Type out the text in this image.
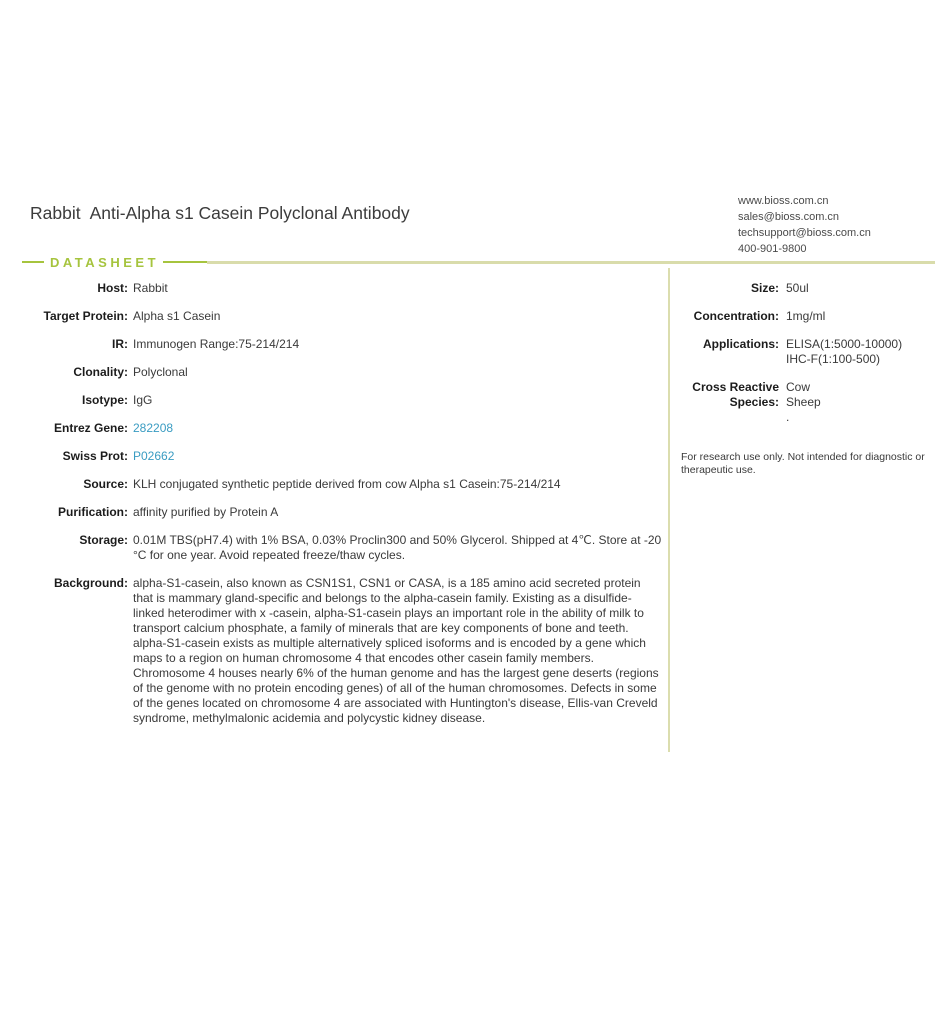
Rabbit Anti-Alpha s1 Casein Polyclonal Antibody
www.bioss.com.cn
sales@bioss.com.cn
techsupport@bioss.com.cn
400-901-9800
DATASHEET
Host: Rabbit
Target Protein: Alpha s1 Casein
IR: Immunogen Range:75-214/214
Clonality: Polyclonal
Isotype: IgG
Entrez Gene: 282208
Swiss Prot: P02662
Source: KLH conjugated synthetic peptide derived from cow Alpha s1 Casein:75-214/214
Purification: affinity purified by Protein A
Storage: 0.01M TBS(pH7.4) with 1% BSA, 0.03% Proclin300 and 50% Glycerol. Shipped at 4℃. Store at -20 °C for one year. Avoid repeated freeze/thaw cycles.
Background: alpha-S1-casein, also known as CSN1S1, CSN1 or CASA, is a 185 amino acid secreted protein that is mammary gland-specific and belongs to the alpha-casein family. Existing as a disulfide-linked heterodimer with x -casein, alpha-S1-casein plays an important role in the ability of milk to transport calcium phosphate, a family of minerals that are key components of bone and teeth. alpha-S1-casein exists as multiple alternatively spliced isoforms and is encoded by a gene which maps to a region on human chromosome 4 that encodes other casein family members. Chromosome 4 houses nearly 6% of the human genome and has the largest gene deserts (regions of the genome with no protein encoding genes) of all of the human chromosomes. Defects in some of the genes located on chromosome 4 are associated with Huntington's disease, Ellis-van Creveld syndrome, methylmalonic acidemia and polycystic kidney disease.
Size: 50ul
Concentration: 1mg/ml
Applications: ELISA(1:5000-10000)
IHC-F(1:100-500)
Cross Reactive
Species:
Cow
Sheep
.
For research use only. Not intended for diagnostic or
therapeutic use.
